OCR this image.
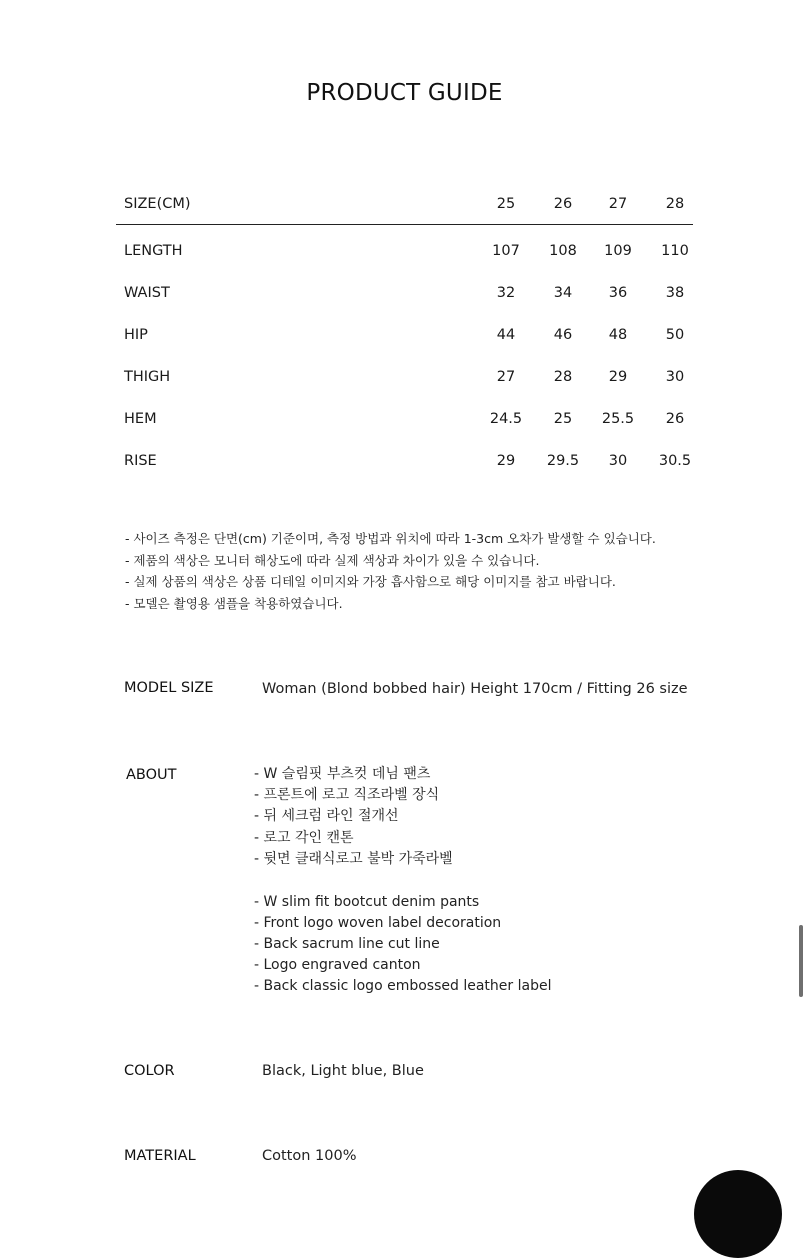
PRODUCT GUIDE
SIZE(CM)	25	26	27	28
LENGTH	107 108 109 110
WAIST	32	34	36	38
HIP	44	46	48	50
THIGH	27	28	29	30
HEM	24.5 25 25.5 26
RISE	29 29.5 30 30.5
- 사이즈 측정은 단면(cm) 기준이며, 측정 방법과 위치에 따라 1-3cm 오차가 발생할 수 있습니다.
- 제품의 색상은 모니터 해상도에 따라 실제 색상과 차이가 있을 수 있습니다.
- 실제 상품의 색상은 상품 디테일 이미지와 가장 흡사함으로 해당 이미지를 참고 바랍니다.
- 모델은 촬영용 샘플을 착용하였습니다.
MODEL SIZE	Woman (Blond bobbed hair) Height 170cm / Fitting 26 size
ABOUT	- W 슬림핏 부츠컷 데님 팬츠
- 프론트에 로고 직조라벨 장식
- 뒤 세크럼 라인 절개선
- 로고 각인 캔톤
- 뒷면 클래식로고 불박 가죽라벨
- W slim fit bootcut denim pants
- Front logo woven label decoration
- Back sacrum line cut line
- Logo engraved canton
- Back classic logo embossed leather label
COLOR	Black, Light blue, Blue
MATERIAL	Cotton 100%
